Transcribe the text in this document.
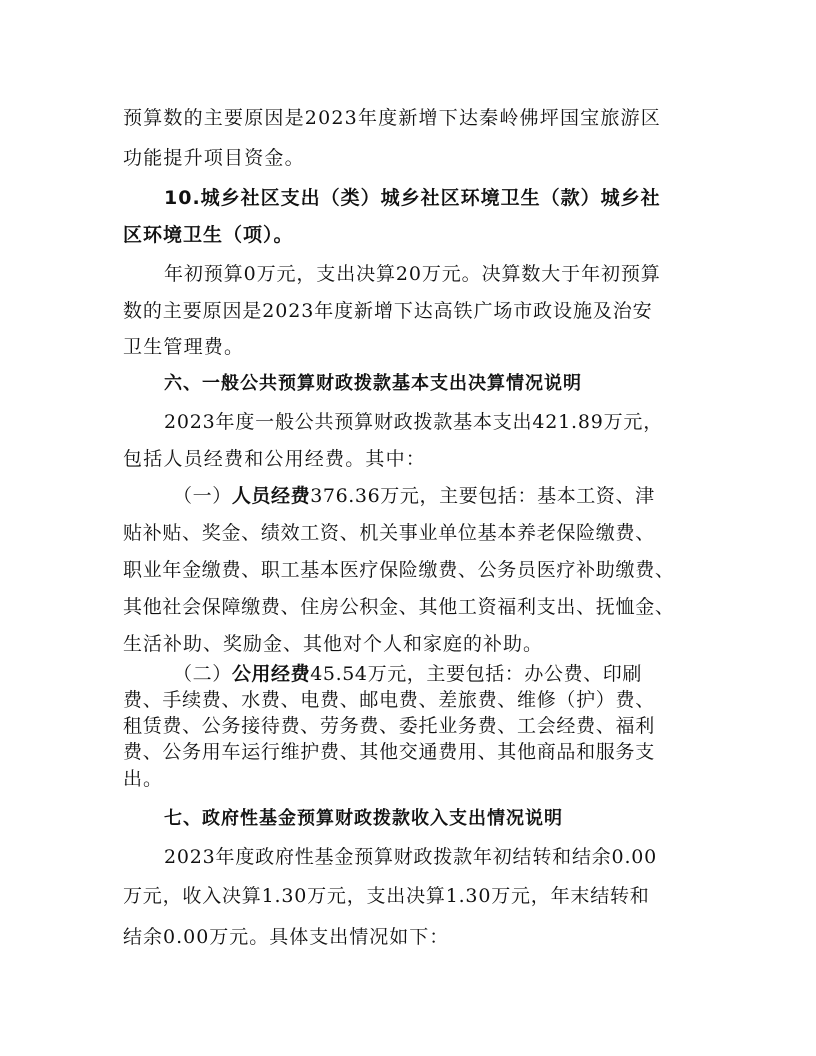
预算数的主要原因是2023年度新增下达秦岭佛坪国宝旅游区
功能提升项目资金。
10.城乡社区支出（类）城乡社区环境卫生（款）城乡社
区环境卫生（项）。
年初预算0万元，支出决算20万元。决算数大于年初预算
数的主要原因是2023年度新增下达高铁广场市政设施及治安
卫生管理费。
六、一般公共预算财政拨款基本支出决算情况说明
2023年度一般公共预算财政拨款基本支出421.89万元，
包括人员经费和公用经费。其中：
（一）人员经费376.36万元，主要包括：基本工资、津
贴补贴、奖金、绩效工资、机关事业单位基本养老保险缴费、
职业年金缴费、职工基本医疗保险缴费、公务员医疗补助缴费、
其他社会保障缴费、住房公积金、其他工资福利支出、抚恤金、
生活补助、奖励金、其他对个人和家庭的补助。
（二）公用经费45.54万元，主要包括：办公费、印刷
费、手续费、水费、电费、邮电费、差旅费、维修（护）费、
租赁费、公务接待费、劳务费、委托业务费、工会经费、福利
费、公务用车运行维护费、其他交通费用、其他商品和服务支
出。
七、政府性基金预算财政拨款收入支出情况说明
2023年度政府性基金预算财政拨款年初结转和结余0.00
万元，收入决算1.30万元，支出决算1.30万元，年末结转和
结余0.00万元。具体支出情况如下：
